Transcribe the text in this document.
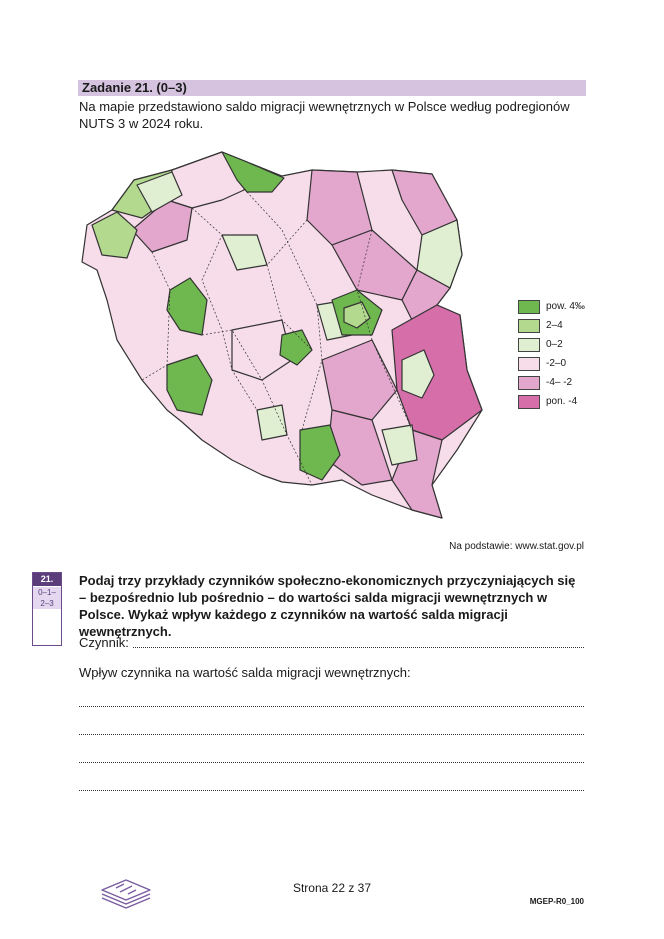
Zadanie 21. (0–3)
Na mapie przedstawiono saldo migracji wewnętrznych w Polsce według podregionów NUTS 3 w 2024 roku.
pow. 4‰
2–4
0–2
-2–0
-4– -2
pon. -4
Na podstawie: www.stat.gov.pl
21.
0–1–
2–3
Podaj trzy przykłady czynników społeczno-ekonomicznych przyczyniających się – bezpośrednio lub pośrednio – do wartości salda migracji wewnętrznych w Polsce. Wykaż wpływ każdego z czynników na wartość salda migracji wewnętrznych.
Czynnik:
Wpływ czynnika na wartość salda migracji wewnętrznych:
Strona 22 z 37
MGEP-R0_100
